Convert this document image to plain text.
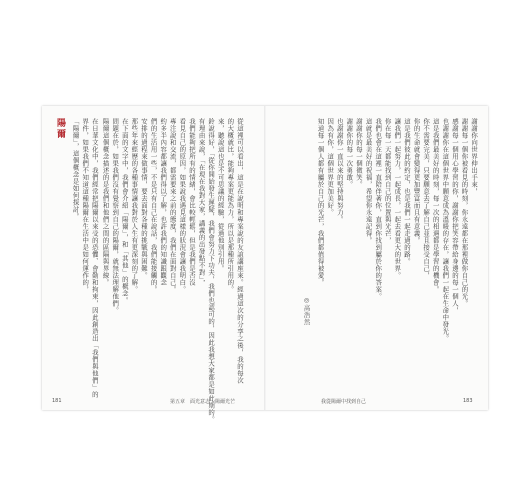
在日華文化中，我們經常把陽爾以來受的恐懼、會勤和拘束，因此創造出「我們與他們」的
界件，如果我們不知道這種陽爾在生活中是如何運作的，
「陽爾」，這個概念是如何探討。
陽爾	從這裡可以看出，這是在說明和專案說的友誼講座來。經過這次的分享之後，我的每次
的大概就比，能夠專案更能為力，所以是那種所引用的。
來，聽說這也是不可思議的經驗，從過他別引用。
鈴說得好，「從你開始發生遲疑，我們會努力下功夫，我們也認可的，因此我想大家都是如此期的。
有理由來說，「在現在我對大家，講義的出發點不對」，
我們能夠把所有的情緒，會比較輕鬆，但是我們是否沒
看見自己的原因，如果說我遇見這樣的狀況會讓我明白。
專注說和交流，都需要來之前的態度，我們在面對自己。
約多半內容都讓我們得以了解，也許我們的知識跟觀念
們的生活用一些，不是只有自己在說話，我們能接觸的。
安排的過程來做事情，要去面對各種的挑戰與困難。
那些年來經歷的各種事情讓我對於人生有更深刻的了解。
在下面的文字中，我們會介紹「陽爾」，和「其他」的概念。
問題在於，如果我們沒有覺察到自己的陽爾，就無法理解他們。
陽爾這個概念描述的是我們和他們之間的區隔與界線。
181	第五章　面光意志・陽爾光芒
謝謝你向世界伸出手來，
謝謝每一個你被看見的時刻，你永遠都在那裡做你自己的光。
感謝每一個用心學習的你，謝謝你把笑容帶給身邊的每一個人，
也謝謝你在這個世界中願意成為溫暖的存在，讓我們一起在生命中發光。
這是我們最美好的時刻，每一次的相遇都是學習的機會。
你不需要完美，只要願意去了解自己並且接受自己，
你的生命就會變得更加豐富而且有意義。
這是我們彼此的約定，也是我們一起走過的路。
讓我們一起努力，一起成長，一起去看更大的世界。
你在每一天都能找到自己的位置與光芒，
我們也會在這裡一直陪伴著你，直到你找到屬於你的答案。
這就是最美好的祝福，希望你永遠記得。
謝謝你的每一個微笑。
謝謝你的每一次勇敢。
也謝謝你一直以來的堅持與努力。
因為有你，這個世界更加美好。
知道每一個人都有屬於自己的光芒，我們都值得被愛。
◎高浩然
我從陽爾中找到自己	183
